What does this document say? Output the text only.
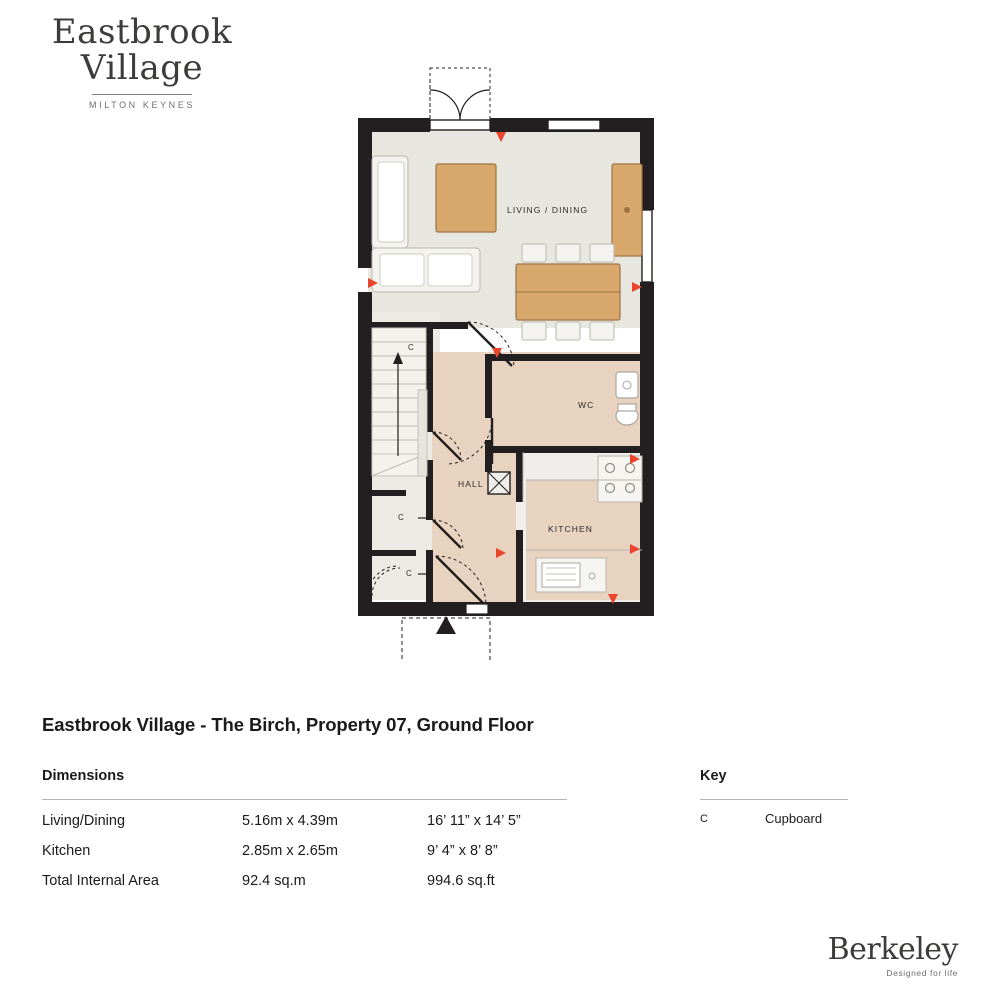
Eastbrook
Village
MILTON KEYNES
LIVING / DINING
WC
HALL
KITCHEN
C
C
C
Eastbrook Village - The Birch, Property 07, Ground Floor
Dimensions
Living/Dining	5.16m x 4.39m	16’ 11” x 14’ 5”
Kitchen	2.85m x 2.65m	9’ 4” x 8’ 8”
Total Internal Area	92.4 sq.m	994.6 sq.ft
Key
C	Cupboard
Berkeley
Designed for life
